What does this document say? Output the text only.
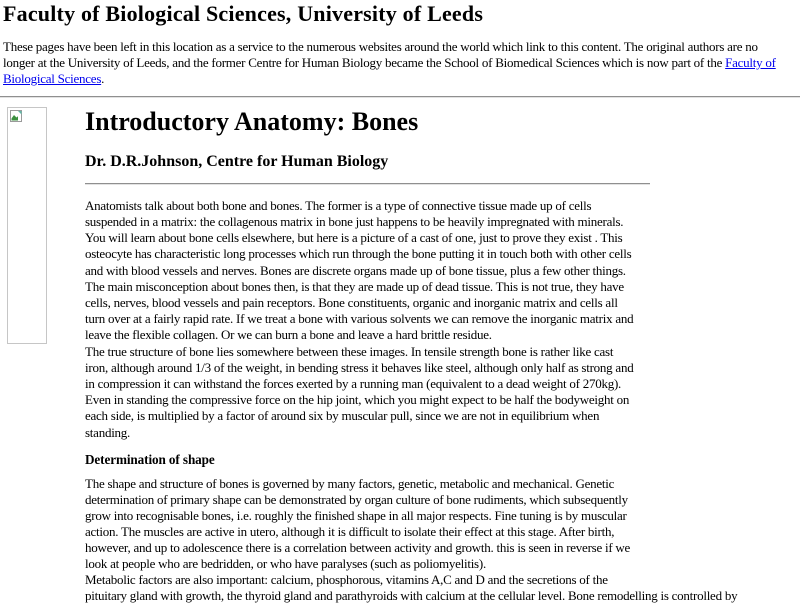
Faculty of Biological Sciences, University of Leeds
These pages have been left in this location as a service to the numerous websites around the world which link to this content. The original authors are no
longer at the University of Leeds, and the former Centre for Human Biology became the School of Biomedical Sciences which is now part of the Faculty of
Biological Sciences.
Introductory Anatomy: Bones
Dr. D.R.Johnson, Centre for Human Biology
Anatomists talk about both bone and bones. The former is a type of connective tissue made up of cells
suspended in a matrix: the collagenous matrix in bone just happens to be heavily impregnated with minerals.
You will learn about bone cells elsewhere, but here is a picture of a cast of one, just to prove they exist . This
osteocyte has characteristic long processes which run through the bone putting it in touch both with other cells
and with blood vessels and nerves. Bones are discrete organs made up of bone tissue, plus a few other things.
The main misconception about bones then, is that they are made up of dead tissue. This is not true, they have
cells, nerves, blood vessels and pain receptors. Bone constituents, organic and inorganic matrix and cells all
turn over at a fairly rapid rate. If we treat a bone with various solvents we can remove the inorganic matrix and
leave the flexible collagen. Or we can burn a bone and leave a hard brittle residue.
The true structure of bone lies somewhere between these images. In tensile strength bone is rather like cast
iron, although around 1/3 of the weight, in bending stress it behaves like steel, although only half as strong and
in compression it can withstand the forces exerted by a running man (equivalent to a dead weight of 270kg).
Even in standing the compressive force on the hip joint, which you might expect to be half the bodyweight on
each side, is multiplied by a factor of around six by muscular pull, since we are not in equilibrium when
standing.
Determination of shape
The shape and structure of bones is governed by many factors, genetic, metabolic and mechanical. Genetic
determination of primary shape can be demonstrated by organ culture of bone rudiments, which subsequently
grow into recognisable bones, i.e. roughly the finished shape in all major respects. Fine tuning is by muscular
action. The muscles are active in utero, although it is difficult to isolate their effect at this stage. After birth,
however, and up to adolescence there is a correlation between activity and growth. this is seen in reverse if we
look at people who are bedridden, or who have paralyses (such as poliomyelitis).
Metabolic factors are also important: calcium, phosphorous, vitamins A,C and D and the secretions of the
pituitary gland with growth, the thyroid gland and parathyroids with calcium at the cellular level. Bone remodelling is controlled by
